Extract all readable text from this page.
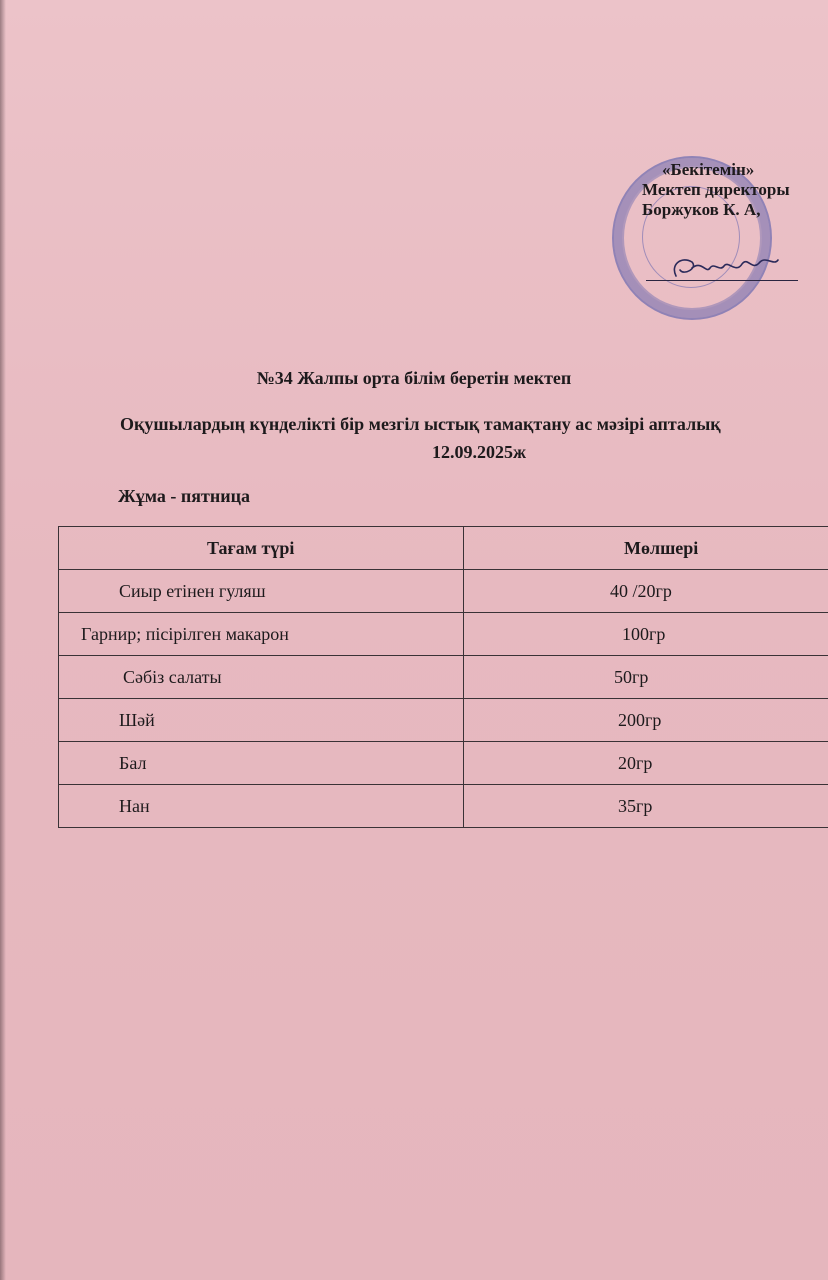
«Бекітемін»
Мектеп директоры
Боржуков К. А,
№34 Жалпы орта білім беретін мектеп
Оқушылардың күнделікті бір мезгіл ыстық тамақтану ас мәзірі апталық
12.09.2025ж
Жұма - пятница
Тағам түрі	Мөлшері
Сиыр етінен гуляш	40 /20гр
Гарнир; пісірілген макарон	100гр
Сәбіз салаты	50гр
Шәй	200гр
Бал	20гр
Нан	35гр
